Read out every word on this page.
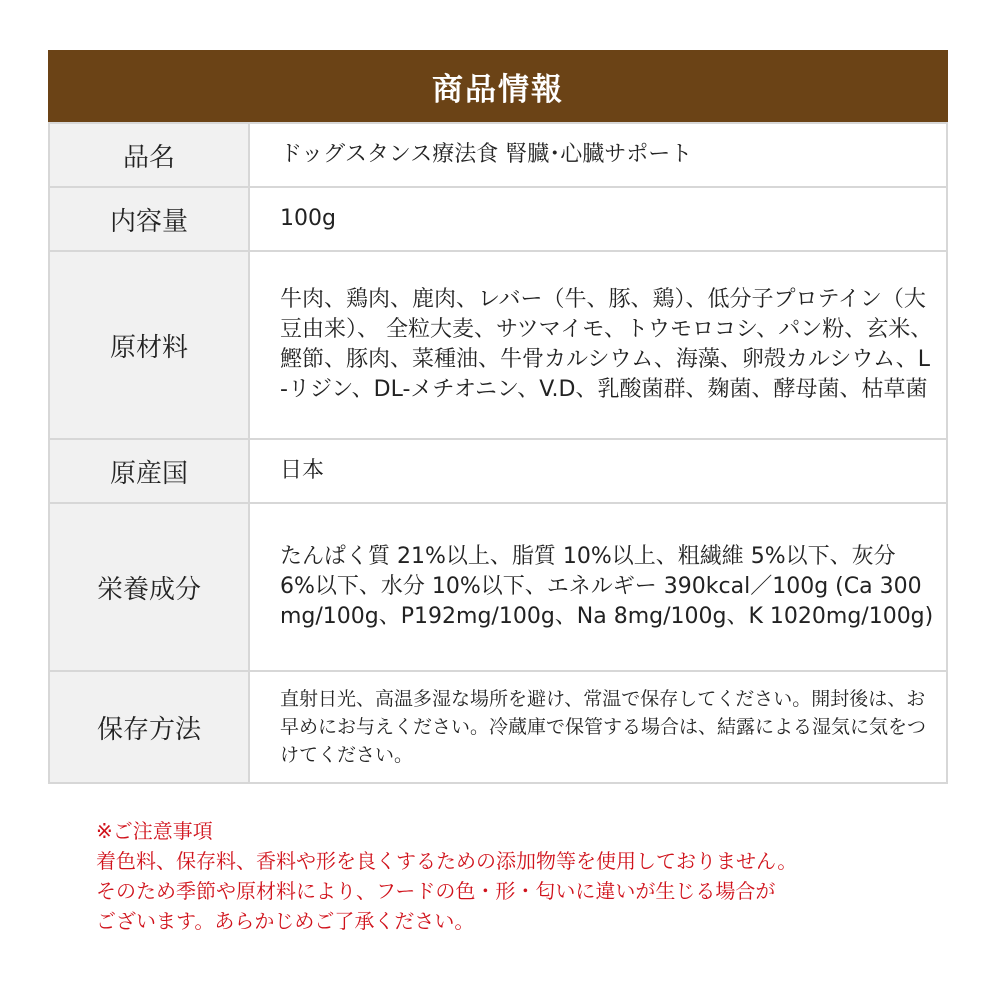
商品情報
品名	ドッグスタンス療法食 腎臓･心臓サポート
内容量	100g
原材料	牛肉、鶏肉、鹿肉、レバー（牛、豚、鶏）、低分子プロテイン（大豆由来）、 全粒大麦、サツマイモ、トウモロコシ、パン粉、玄米、鰹節、豚肉、菜種油、牛骨カルシウム、海藻、卵殻カルシウム、L-リジン、DL-メチオニン、V.D、乳酸菌群、麹菌、酵母菌、枯草菌
原産国	日本
栄養成分	たんぱく質 21%以上、脂質 10%以上、粗繊維 5%以下、灰分 6%以下、水分 10%以下、エネルギー 390kcal／100g (Ca 300mg/100g、P192mg/100g、Na 8mg/100g、K 1020mg/100g)
保存方法	直射日光、高温多湿な場所を避け、常温で保存してください。開封後は、お早めにお与えください。冷蔵庫で保管する場合は、結露による湿気に気をつけてください。
※ご注意事項
着色料、保存料、香料や形を良くするための添加物等を使用しておりません。
そのため季節や原材料により、フードの色・形・匂いに違いが生じる場合が
ございます。あらかじめご了承ください。
